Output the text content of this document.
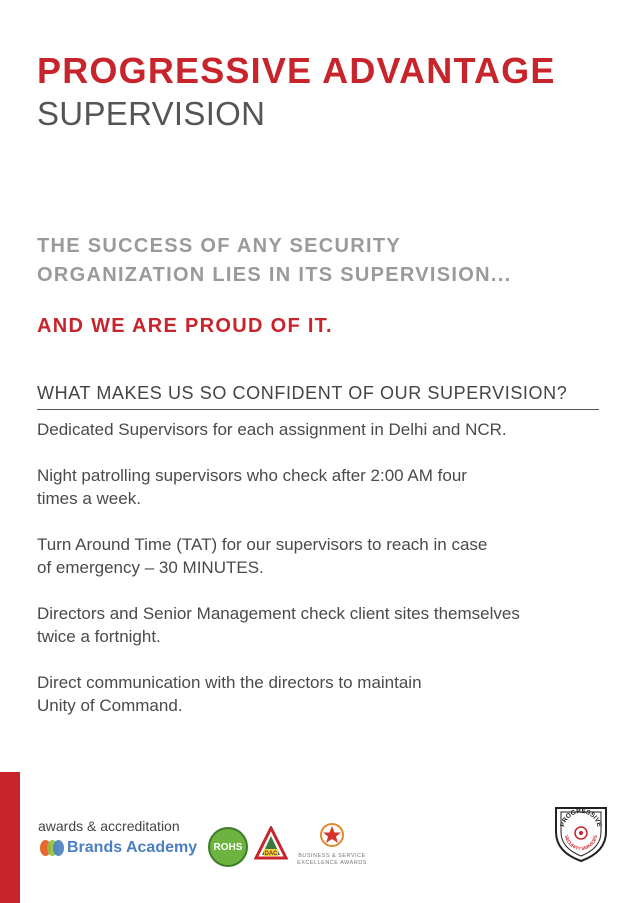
PROGRESSIVE ADVANTAGE
SUPERVISION
THE SUCCESS OF ANY SECURITY
ORGANIZATION LIES IN ITS SUPERVISION...
AND WE ARE PROUD OF IT.
WHAT MAKES US SO CONFIDENT OF OUR SUPERVISION?
Dedicated Supervisors for each assignment in Delhi and NCR.
Night patrolling supervisors who check after 2:00 AM four
times a week.
Turn Around Time (TAT) for our supervisors to reach in case
of emergency – 30 MINUTES.
Directors and Senior Management check client sites themselves
twice a fortnight.
Direct communication with the directors to maintain
Unity of Command.
awards & accreditation
Brands Academy ROHS
DAC	BUSINESS & SERVICE
EXCELLENCE AWARDS
PROGRESSIVE
SECURITY SERVICES
